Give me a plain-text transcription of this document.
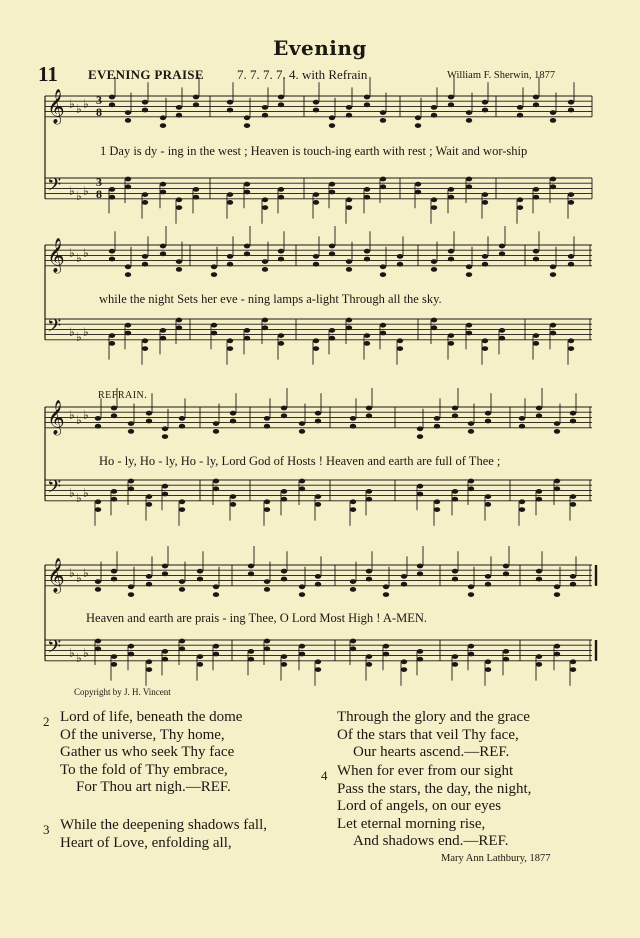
𝄞 ♭ ♭ ♭
𝄢 ♭ ♭ ♭
𝄞 ♭ ♭ ♭
𝄢 ♭ ♭ ♭
𝄞 ♭ ♭ ♭
𝄢 ♭ ♭ ♭
𝄞 ♭ ♭ ♭
𝄢 ♭ ♭ ♭
3
8
3
8
Evening
11 EVENING PRAISE	7. 7. 7. 7. 4. with Refrain	William F. Sherwin, 1877
1 Day is dy - ing in the west ; Heaven is touch-ing earth with rest ; Wait and wor-ship
while the night Sets her eve - ning lamps a-light Through all the sky.
REFRAIN.
Ho - ly, Ho - ly, Ho - ly, Lord God of Hosts ! Heaven and earth are full of Thee ;
Heaven and earth are prais - ing Thee, O Lord Most High ! A-MEN.
Copyright by J. H. Vincent
2 Lord of life, beneath the dome
Of the universe, Thy home,
Gather us who seek Thy face
To the fold of Thy embrace,
For Thou art nigh.—REF.
3 While the deepening shadows fall,
Heart of Love, enfolding all,
Through the glory and the grace
Of the stars that veil Thy face,
Our hearts ascend.—REF.
4 When for ever from our sight
Pass the stars, the day, the night,
Lord of angels, on our eyes
Let eternal morning rise,
And shadows end.—REF.
Mary Ann Lathbury, 1877
